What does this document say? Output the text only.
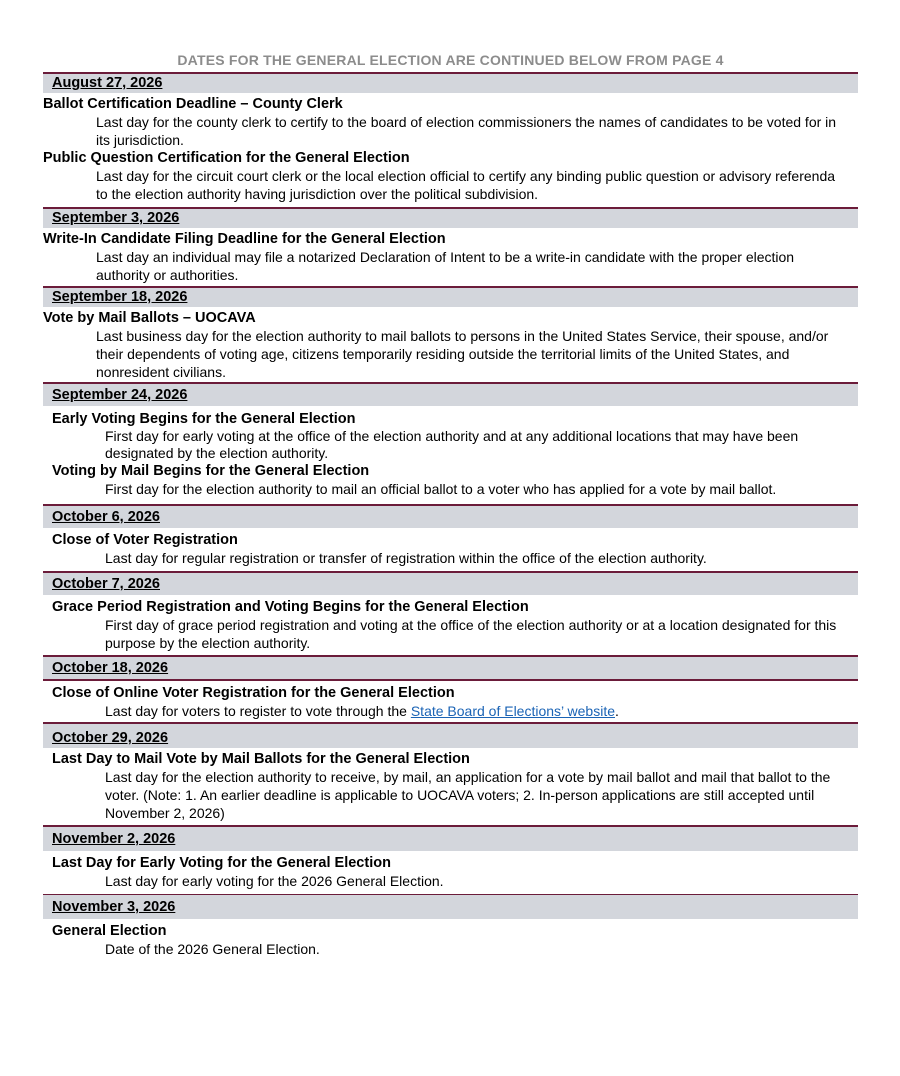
DATES FOR THE GENERAL ELECTION ARE CONTINUED BELOW FROM PAGE 4
August 27, 2026
Ballot Certification Deadline – County Clerk
Last day for the county clerk to certify to the board of election commissioners the names of candidates to be voted for in its jurisdiction.
Public Question Certification for the General Election
Last day for the circuit court clerk or the local election official to certify any binding public question or advisory referenda to the election authority having jurisdiction over the political subdivision.
September 3, 2026
Write-In Candidate Filing Deadline for the General Election
Last day an individual may file a notarized Declaration of Intent to be a write-in candidate with the proper election authority or authorities.
September 18, 2026
Vote by Mail Ballots – UOCAVA
Last business day for the election authority to mail ballots to persons in the United States Service, their spouse, and/or their dependents of voting age, citizens temporarily residing outside the territorial limits of the United States, and nonresident civilians.
September 24, 2026
Early Voting Begins for the General Election
First day for early voting at the office of the election authority and at any additional locations that may have been designated by the election authority.
Voting by Mail Begins for the General Election
First day for the election authority to mail an official ballot to a voter who has applied for a vote by mail ballot.
October 6, 2026
Close of Voter Registration
Last day for regular registration or transfer of registration within the office of the election authority.
October 7, 2026
Grace Period Registration and Voting Begins for the General Election
First day of grace period registration and voting at the office of the election authority or at a location designated for this purpose by the election authority.
October 18, 2026
Close of Online Voter Registration for the General Election
Last day for voters to register to vote through the State Board of Elections’ website.
October 29, 2026
Last Day to Mail Vote by Mail Ballots for the General Election
Last day for the election authority to receive, by mail, an application for a vote by mail ballot and mail that ballot to the voter. (Note: 1. An earlier deadline is applicable to UOCAVA voters; 2. In-person applications are still accepted until November 2, 2026)
November 2, 2026
Last Day for Early Voting for the General Election
Last day for early voting for the 2026 General Election.
November 3, 2026
General Election
Date of the 2026 General Election.
